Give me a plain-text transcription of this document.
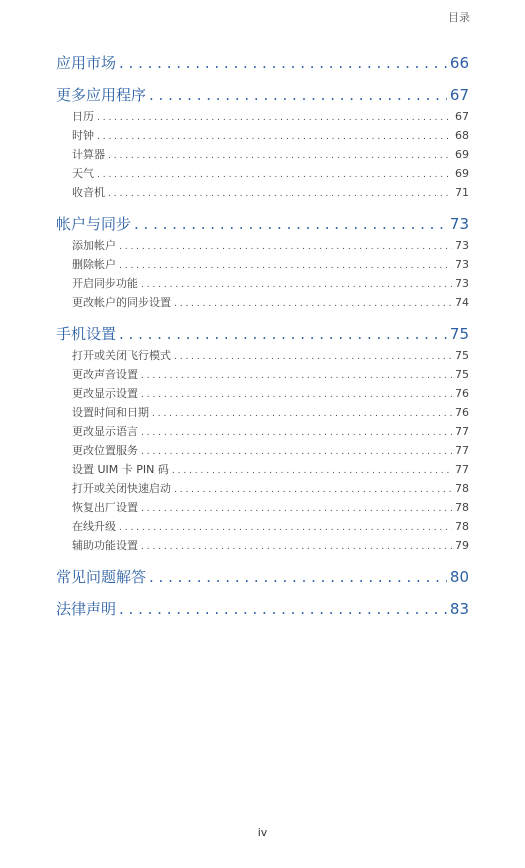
目录
应用市场 . . .	66
更多应用程序 . . .	67
日历 . . .	67
时钟 . . .	68
计算器 . . .	69
天气 . . .	69
收音机 . . .	71
帐户与同步 . . .	73
添加帐户 . . .	73
删除帐户 . . .	73
开启同步功能 . . .	73
更改帐户的同步设置 . . .	74
手机设置 . . .	75
打开或关闭飞行模式 . . .	75
更改声音设置 . . .	75
更改显示设置 . . .	76
设置时间和日期 . . .	76
更改显示语言 . . .	77
更改位置服务 . . .	77
设置 UIM 卡 PIN 码 . . .	77
打开或关闭快速启动 . . .	78
恢复出厂设置 . . .	78
在线升级 . . .	78
辅助功能设置 . . .	79
常见问题解答 . . .	80
法律声明 . . .	83
iv
